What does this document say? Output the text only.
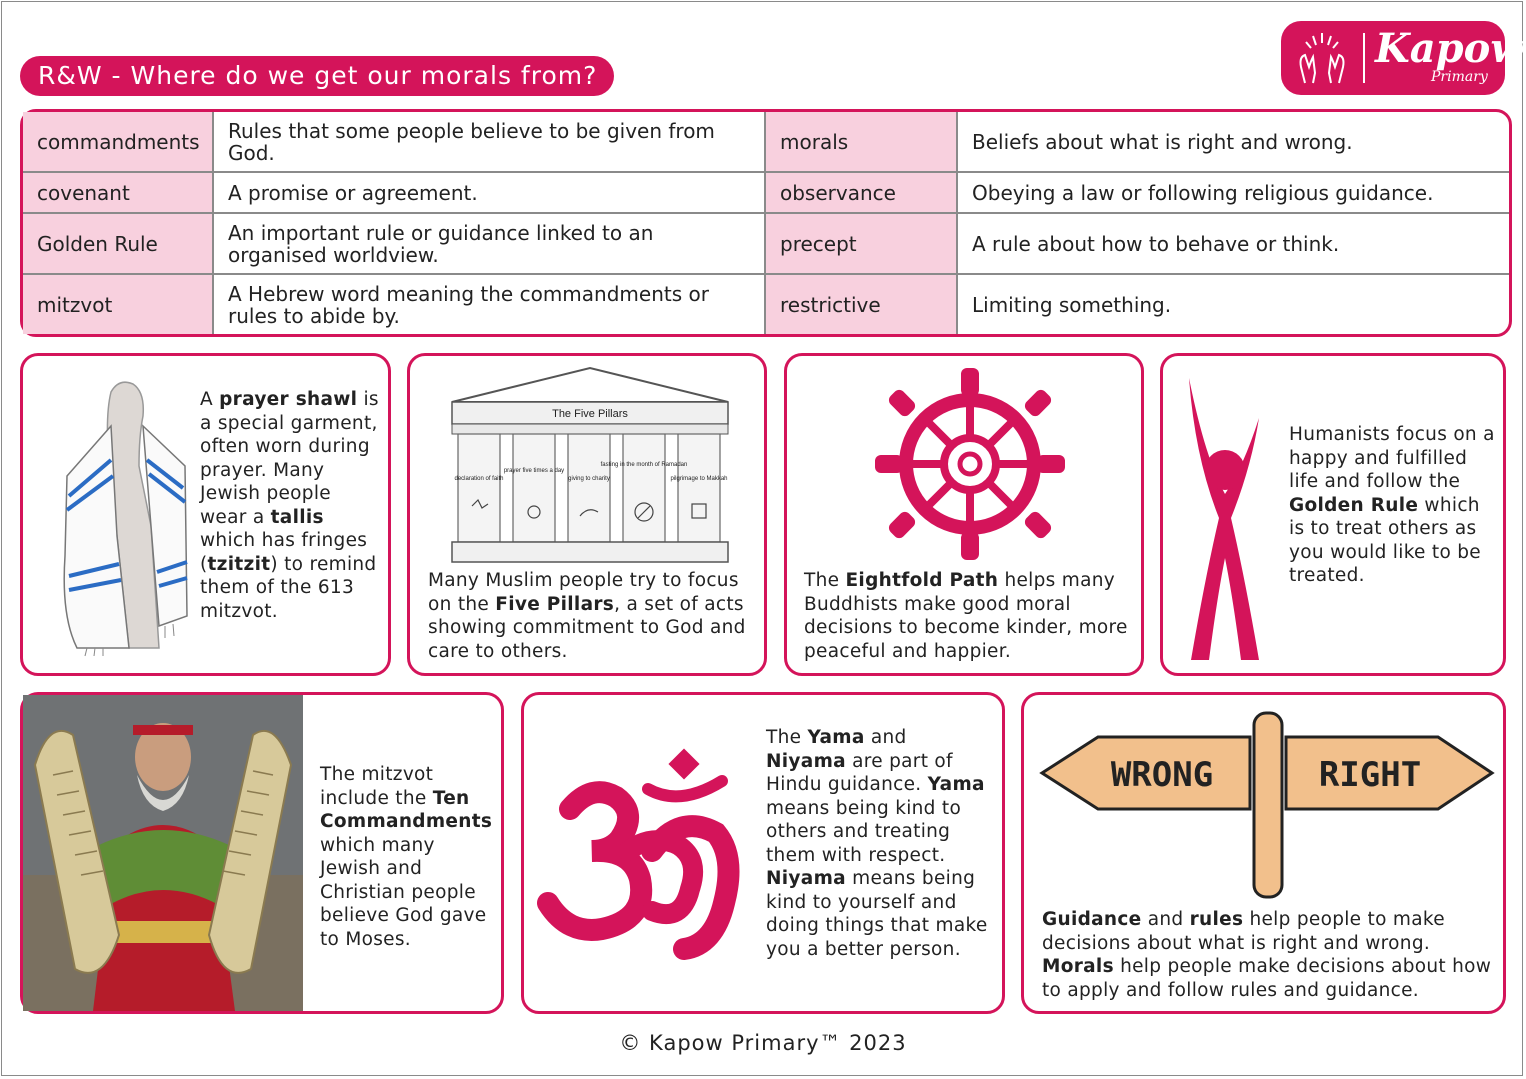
R&W - Where do we get our morals from?
Kapow
Primary
commandments	Rules that some people believe to be given from God.	morals	Beliefs about what is right and wrong.
covenant	A promise or agreement.	observance	Obeying a law or following religious guidance.
Golden Rule	An important rule or guidance linked to an organised worldview.	precept	A rule about how to behave or think.
mitzvot	A Hebrew word meaning the commandments or rules to abide by.	restrictive	Limiting something.
A prayer shawl is a special garment, often worn during prayer. Many Jewish people wear a tallis which has fringes (tzitzit) to remind them of the 613 mitzvot.
The Five Pillars
declaration of faith
prayer five times a day
giving to charity
fasting in the month of Ramadan
pilgrimage to Makkah
Many Muslim people try to focus on the Five Pillars, a set of acts showing commitment to God and care to others.
The Eightfold Path helps many Buddhists make good moral decisions to become kinder, more peaceful and happier.
Humanists focus on a happy and fulfilled life and follow the Golden Rule which is to treat others as you would like to be treated.
The mitzvot include the Ten Commandments which many Jewish and Christian people believe God gave to Moses.
The Yama and Niyama are part of Hindu guidance. Yama means being kind to others and treating them with respect. Niyama means being kind to yourself and doing things that make you a better person.
WRONG	RIGHT
Guidance and rules help people to make decisions about what is right and wrong. Morals help people make decisions about how to apply and follow rules and guidance.
© Kapow Primary™ 2023
